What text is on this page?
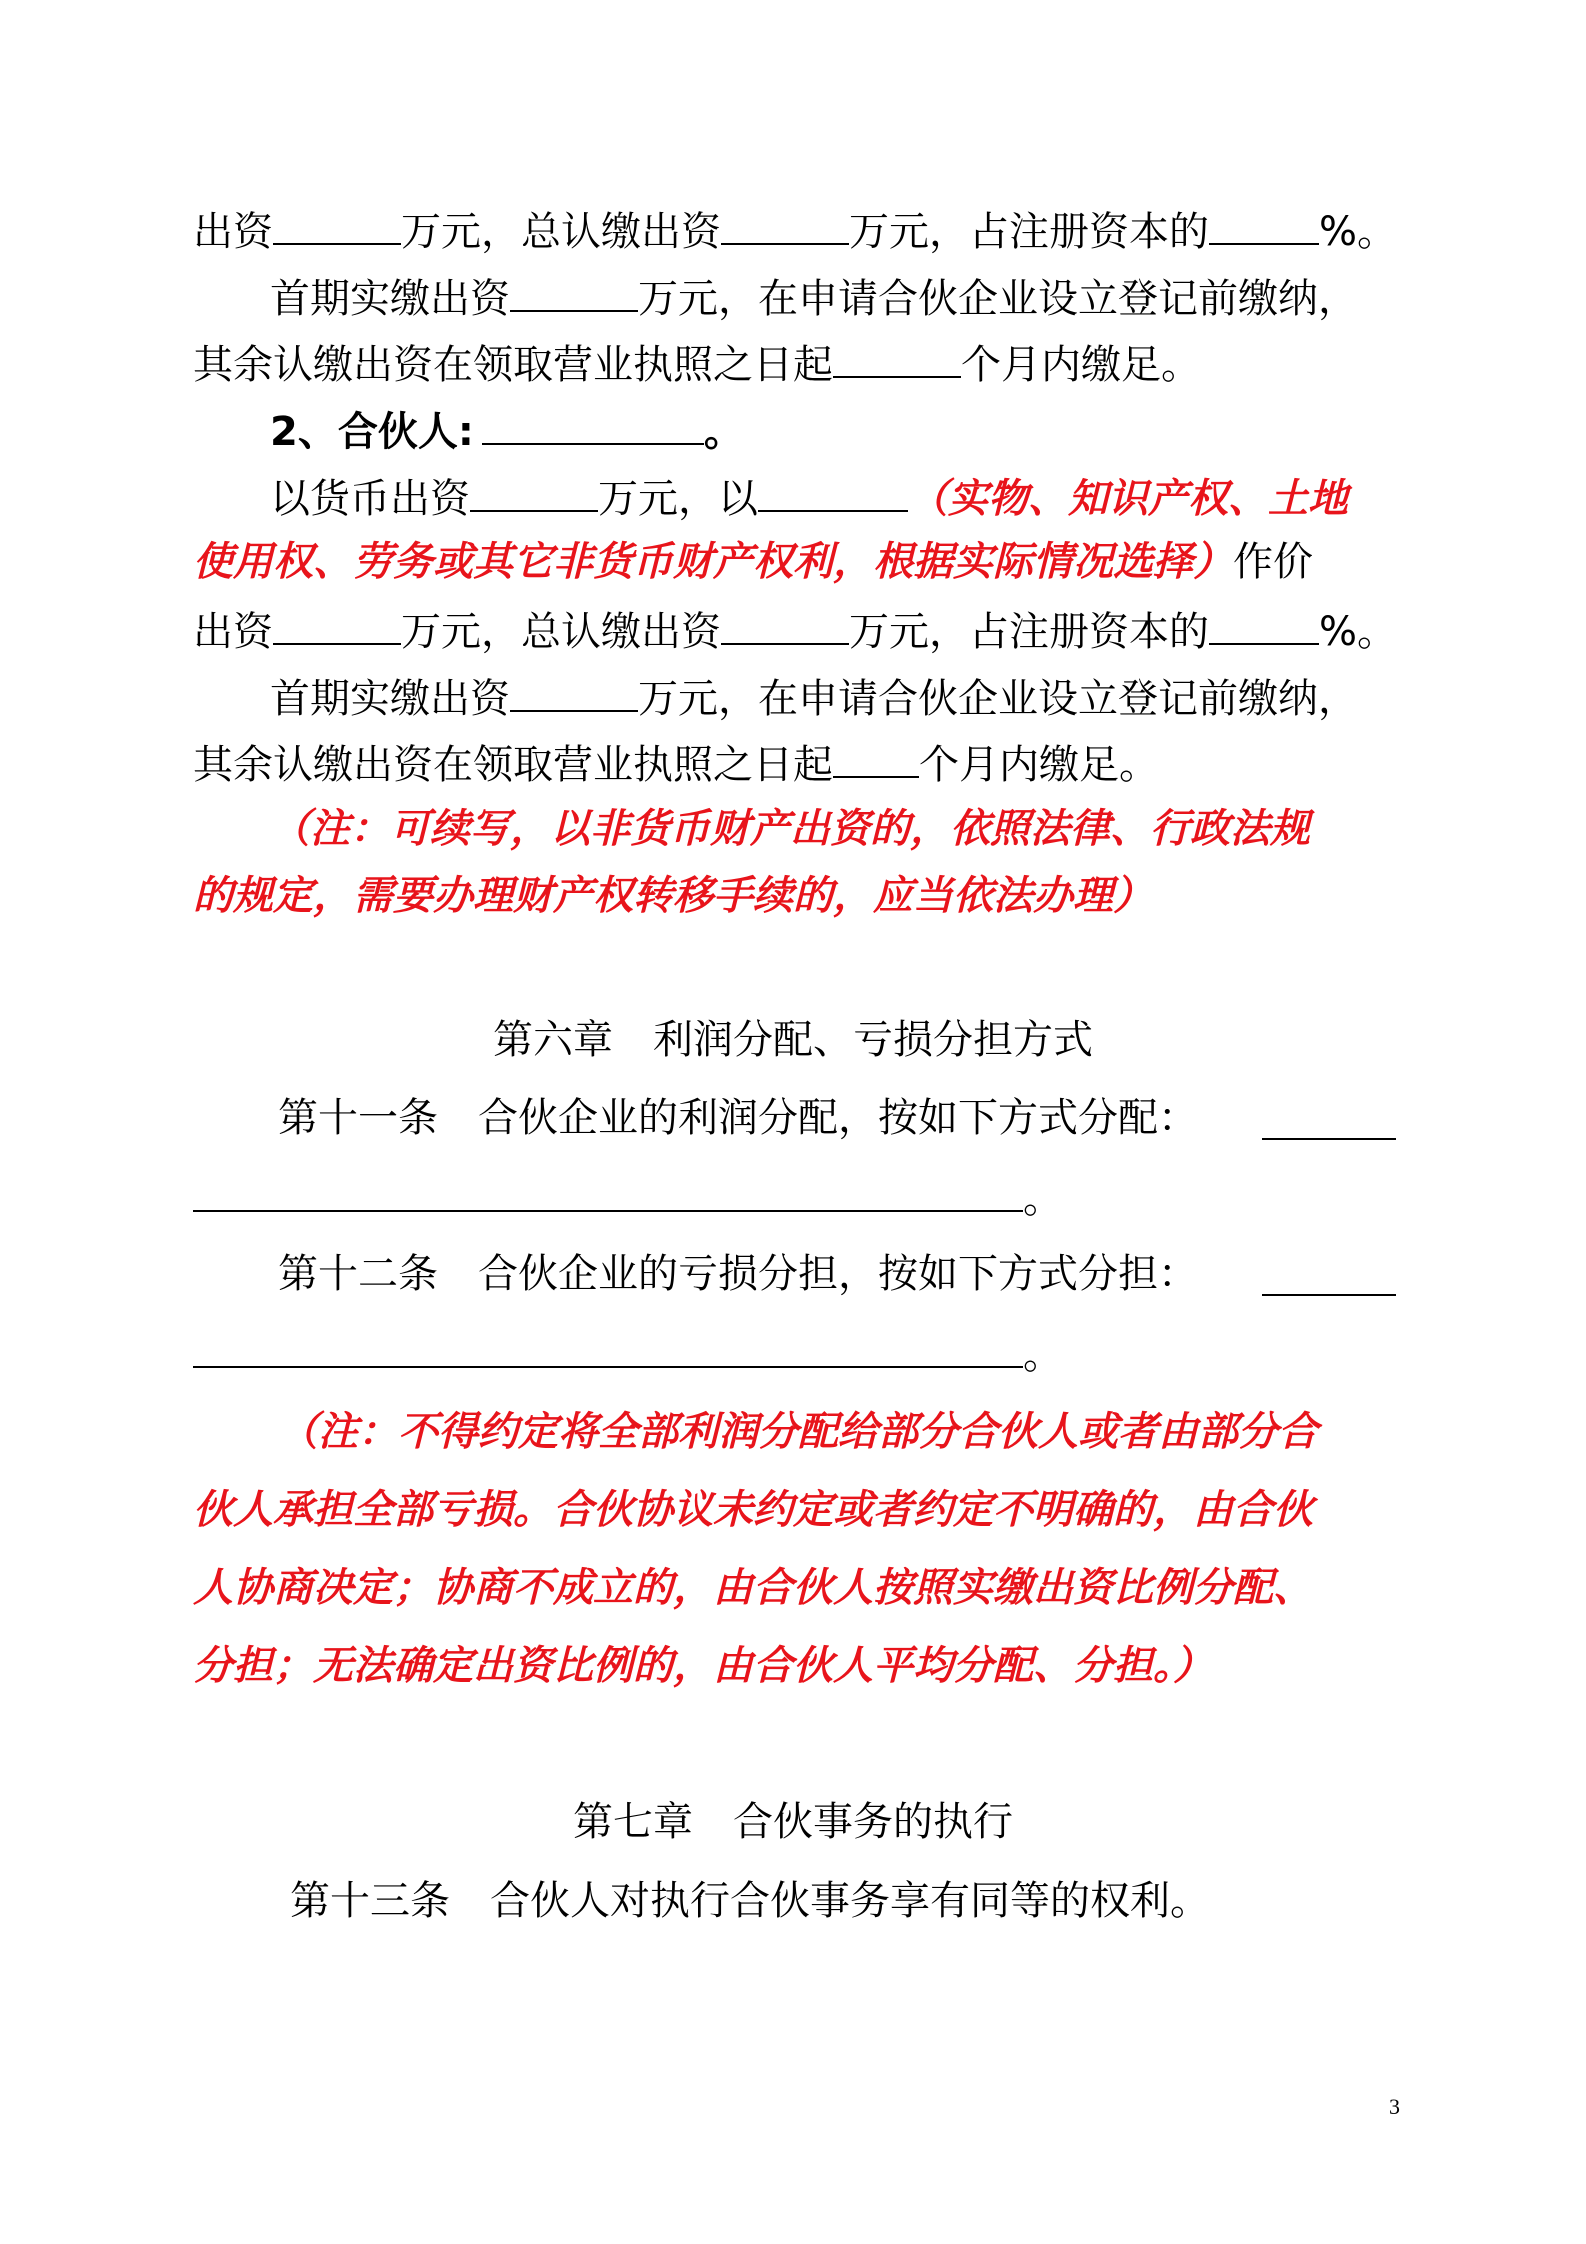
出资	万元，总认缴出资	万元，占注册资本的	%。
首期实缴出资	万元，在申请合伙企业设立登记前缴纳，
其余认缴出资在领取营业执照之日起	个月内缴足。
2、合伙人:	。
以货币出资	万元，以	（实物、知识产权、土地
使用权、劳务或其它非货币财产权利，根据实际情况选择）作价
出资	万元，总认缴出资	万元，占注册资本的	%。
首期实缴出资	万元，在申请合伙企业设立登记前缴纳，
其余认缴出资在领取营业执照之日起 个月内缴足。
（注：可续写，以非货币财产出资的，依照法律、行政法规
的规定，需要办理财产权转移手续的，应当依法办理）
第六章　利润分配、亏损分担方式
第十一条　合伙企业的利润分配，按如下方式分配：
。
第十二条　合伙企业的亏损分担，按如下方式分担：
。
（注：不得约定将全部利润分配给部分合伙人或者由部分合
伙人承担全部亏损。合伙协议未约定或者约定不明确的，由合伙
人协商决定；协商不成立的，由合伙人按照实缴出资比例分配、
分担；无法确定出资比例的，由合伙人平均分配、分担。）
第七章　合伙事务的执行
第十三条　合伙人对执行合伙事务享有同等的权利。
3
